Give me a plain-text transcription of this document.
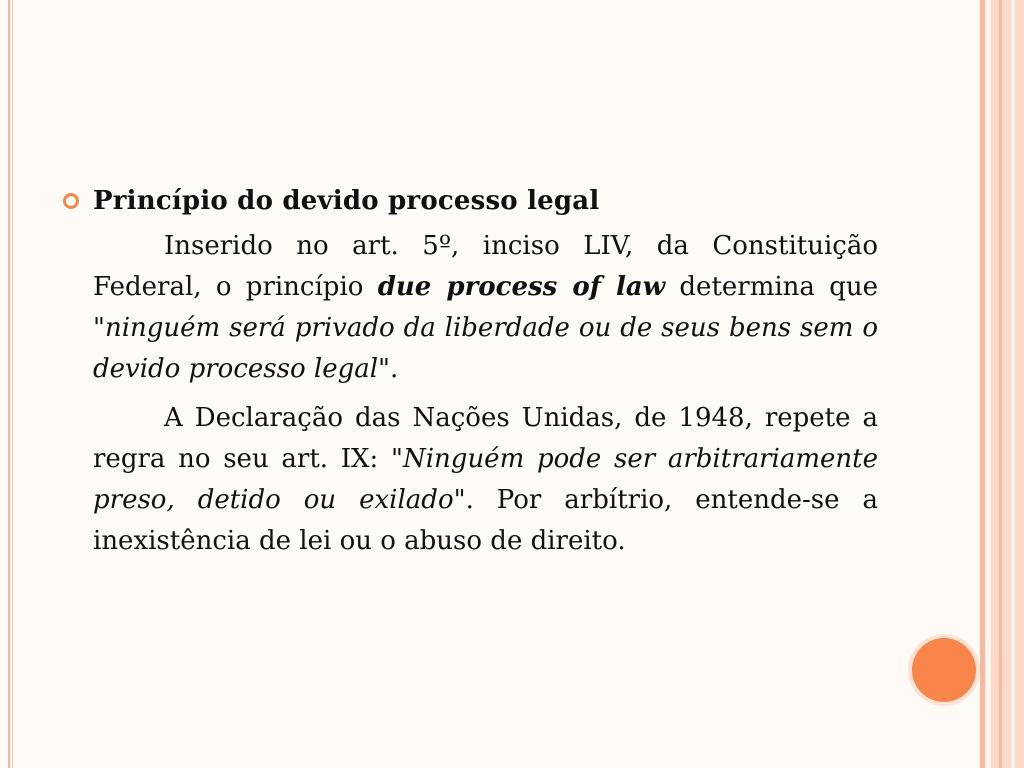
Princípio do devido processo legal

Inserido no art. 5º, inciso LIV, da Constituição Federal, o princípio due process of law determina que "ninguém será privado da liberdade ou de seus bens sem o devido processo legal".

A Declaração das Nações Unidas, de 1948, repete a regra no seu art. IX: "Ninguém pode ser arbitrariamente preso, detido ou exilado". Por arbítrio, entende-se a inexistência de lei ou o abuso de direito.
